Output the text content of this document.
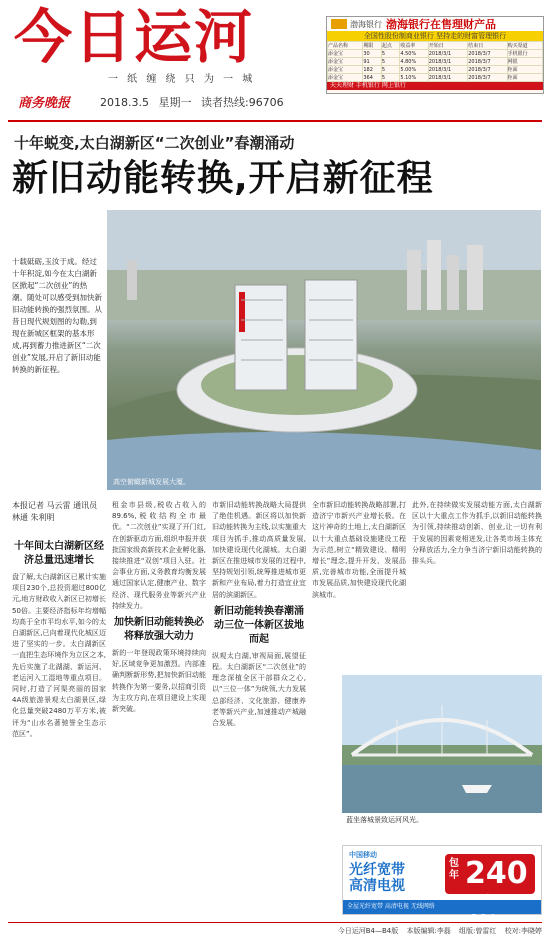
今日运河
一 纸 缠 绕 只 为 一 城
商务晚报	2018.3.5 星期一 读者热线:96706
渤海银行 渤海银行在售理财产品
全国性股份制商业银行 坚持走的财富管理银行
产品名称	期限	起点	收益率	开始日	结束日	购买渠道
添金宝	30	5	4.50%	2018/3/1	2018/3/7	手机银行
添金宝	91	5	4.80%	2018/3/1	2018/3/7	网银
添金宝	182	5	5.00%	2018/3/1	2018/3/7	柜面
添金宝	364	5	5.10%	2018/3/1	2018/3/7	柜面
天天理财 手机银行 网上银行
十年蜕变,太白湖新区“二次创业”春潮涌动
新旧动能转换,开启新征程
十载砥砺,玉汝于成。经过十年积淀,如今在太白湖新区掀起“二次创业”的热潮。随处可以感受到加快新旧动能转换的强烈氛围。从昔日现代规划图的勾勒,到现在新城区框架的基本形成,再到蓄力推进新区“二次创业”发展,开启了新旧动能转换的新征程。
高空俯瞰新城发展大厦。
本报记者 马云雷 通讯员 林通 朱利明
十年间太白湖新区经济总量迅速增长

盘了解,太白湖新区已累计实施项目230个,总投资超过800亿元,地方财政收入新区已初增长50倍。主要经济指标年均增幅均高于全市平均水平,如今的太白湖新区,已向着现代化城区迈进了坚实的一步。太白湖新区一直把生态环境作为立区之本,先后实施了北湖湖、新运河、老运河入工湿地等重点项目。同时,打造了河渠亮丽的国家4A级旅游景观太白湖景区,绿化总量突破2480万平方米,被评为“山水名著驰誉全生态示范区”。

租金市县级,税收占收入的89.6%,税收结构全市最优。“二次创业”实现了开门红,在创新驱动方面,组织申报并获批国家级高新技术企业孵化器,接续推进“双创”项目入驻。社会事业方面,义务教育均衡发展通过国家认定,健康产业、数字经济、现代服务业等新兴产业持续发力。

加快新旧动能转换必将释放强大动力

新的一年登现政策环境持续向好,区域竞争更加激烈。内部准确判断新形势,把加快新旧动能转换作为第一要务,以招商引资为主攻方向,在项目建设上实现新突破。

市新旧动能转换战略大局提供了绝佳机遇。新区将以加快新旧动能转换为主线,以实施重大项目为抓手,推动高质量发展,加快建设现代化湖城。太白湖新区在推进城市发展的过程中,坚持规划引领,统筹推进城市更新和产业布局,着力打造宜业宜居的滨湖新区。

新旧动能转换春潮涌动三位一体新区拔地而起

纵观太白湖,审视局面,展望征程。太白湖新区“二次创业”的理念深植全区干部群众之心,以“三位一体”为统领,大力发展总部经济、文化旅游、健康养老等新兴产业,加速推动产城融合发展。

全市新旧动能转换战略部署,打造济宁市新兴产业增长极。在这片神奇的土地上,太白湖新区以十大重点基础设施建设工程为示范,树立“精致建设、精明增长”理念,提升开发、发展品质,完善城市功能,全面提升城市发展品质,加快建设现代化湖滨城市。

此外,在持续做实发展动能方面,太白湖新区以十大重点工作为抓手,以新旧动能转换为引领,持续推动创新、创业,让一切有利于发展的因素竞相迸发,让各类市场主体充分释放活力,全力争当济宁新旧动能转换的排头兵。

蓝坐落城景致运河风光。
中国移动
光纤宽带
高清电视
包年 240
全屋光纤宽带 高清电视 无线网络
今日运河B4—B4版 本版编辑:李磊 组版:曾雷红 校对:李晓婷
